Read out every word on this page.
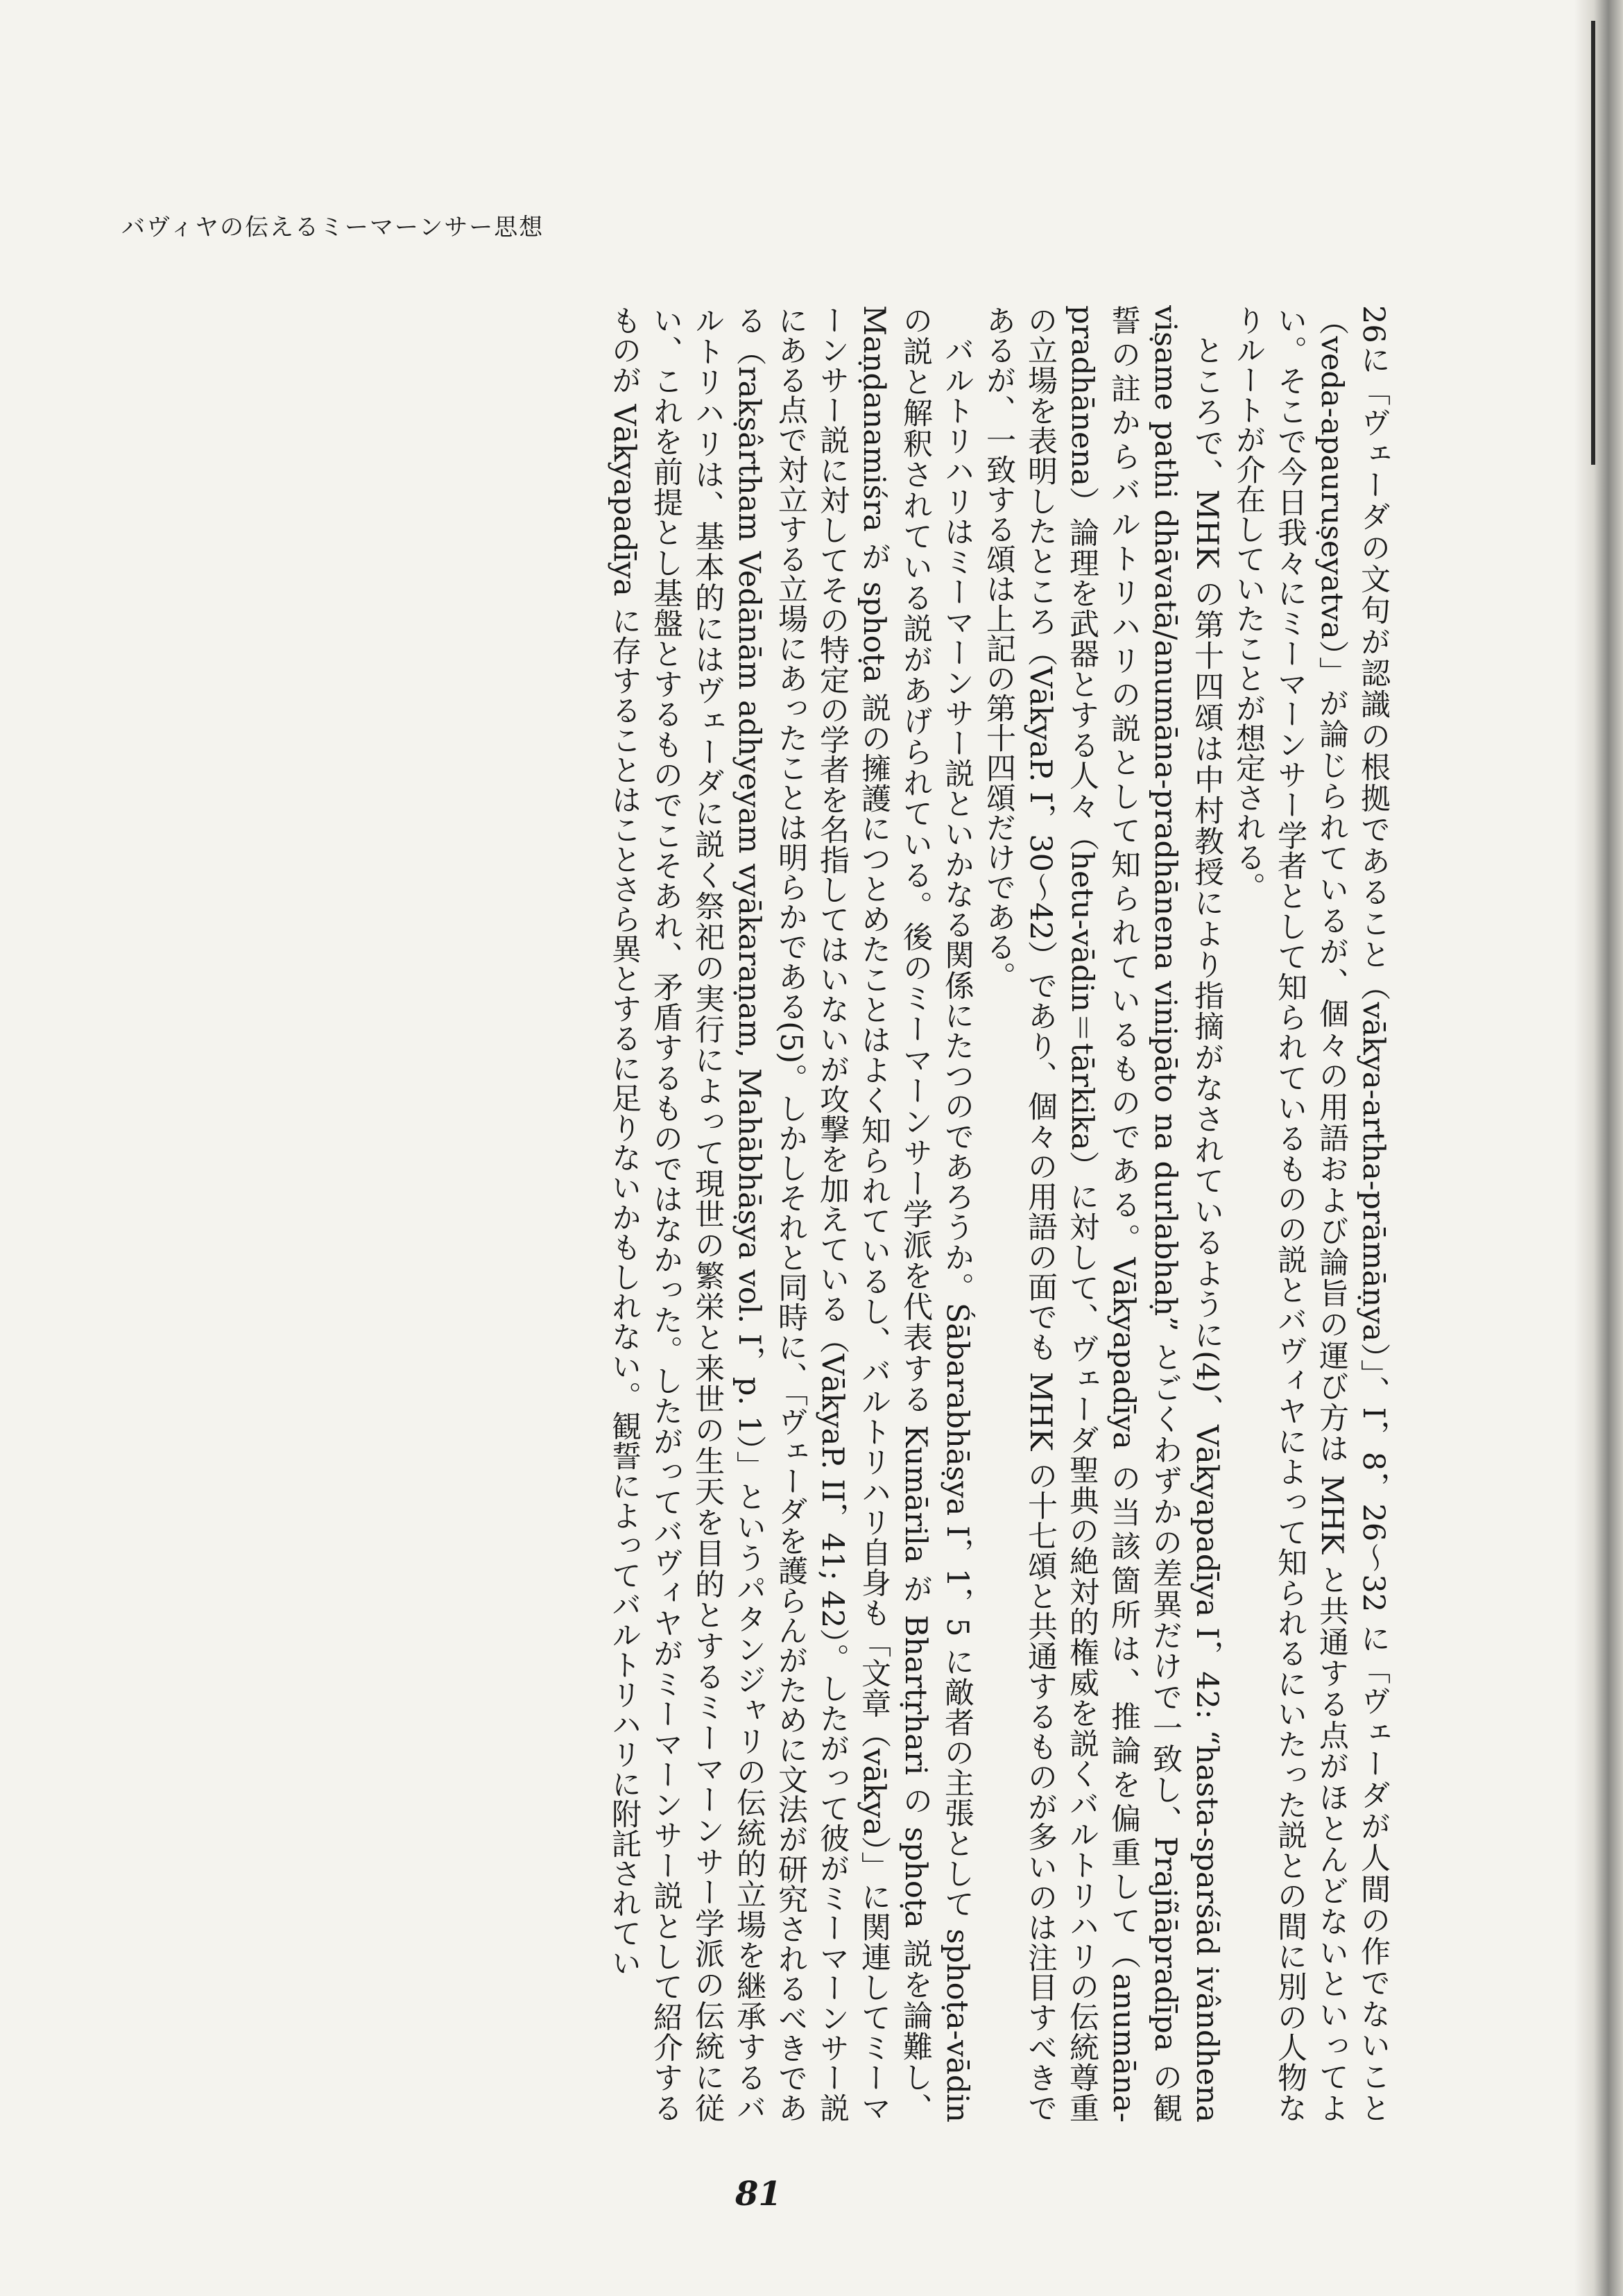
バヴィヤの伝えるミーマーンサー思想

26に「ヴェーダの文句が認識の根拠であること（vākya-artha-prāmāṇya）」、I，8，26～32 に「ヴェーダが人間の作でないこと（veda-apauruṣeyatva）」が論じられているが、個々の用語および論旨の運び方は MHK と共通する点がほとんどないといってよい。そこで今日我々にミーマーンサー学者として知られているものの説とバヴィヤによって知られるにいたった説との間に別の人物なりルートが介在していたことが想定される。

ところで、MHK の第十四頌は中村教授により指摘がなされているように(4)、Vākyapadīya I，42: “hasta-sparśād ivândhena viṣame pathi dhāvatā/anumāna-pradhānena vinipāto na durlabhaḥ” とごくわずかの差異だけで一致し、Prajñāpradīpa の観誓の註からバルトリハリの説として知られているものである。Vākyapadīya の当該箇所は、推論を偏重して（anumāna-pradhānena）論理を武器とする人々（hetu-vādin＝tārkika）に対して、ヴェーダ聖典の絶対的権威を説くバルトリハリの伝統尊重の立場を表明したところ（VākyaP. I，30～42）であり、個々の用語の面でも MHK の十七頌と共通するものが多いのは注目すべきであるが、一致する頌は上記の第十四頌だけである。

バルトリハリはミーマーンサー説といかなる関係にたつのであろうか。Śābarabhāṣya I，1，5 に敵者の主張として sphoṭa-vādin の説と解釈されている説があげられている。後のミーマーンサー学派を代表する Kumārila が Bhartṛhari の sphoṭa 説を論難し、Maṇḍanamiśra が sphoṭa 説の擁護につとめたことはよく知られているし、バルトリハリ自身も「文章（vākya）」に関連してミーマーンサー説に対してその特定の学者を名指してはいないが攻撃を加えている（VākyaP. II，41; 42）。したがって彼がミーマーンサー説にある点で対立する立場にあったことは明らかである(5)。しかしそれと同時に、「ヴェーダを護らんがために文法が研究されるべきである（rakṣârtham Vedānām adhyeyam vyākaraṇam, Mahābhāṣya vol. I，p. 1）」というパタンジャリの伝統的立場を継承するバルトリハリは、基本的にはヴェーダに説く祭祀の実行によって現世の繁栄と来世の生天を目的とするミーマーンサー学派の伝統に従い、これを前提とし基盤とするものでこそあれ、矛盾するものではなかった。したがってバヴィヤがミーマーンサー説として紹介するものが Vākyapadīya に存することはことさら異とするに足りないかもしれない。観誓によってバルトリハリに附託されてい

81
